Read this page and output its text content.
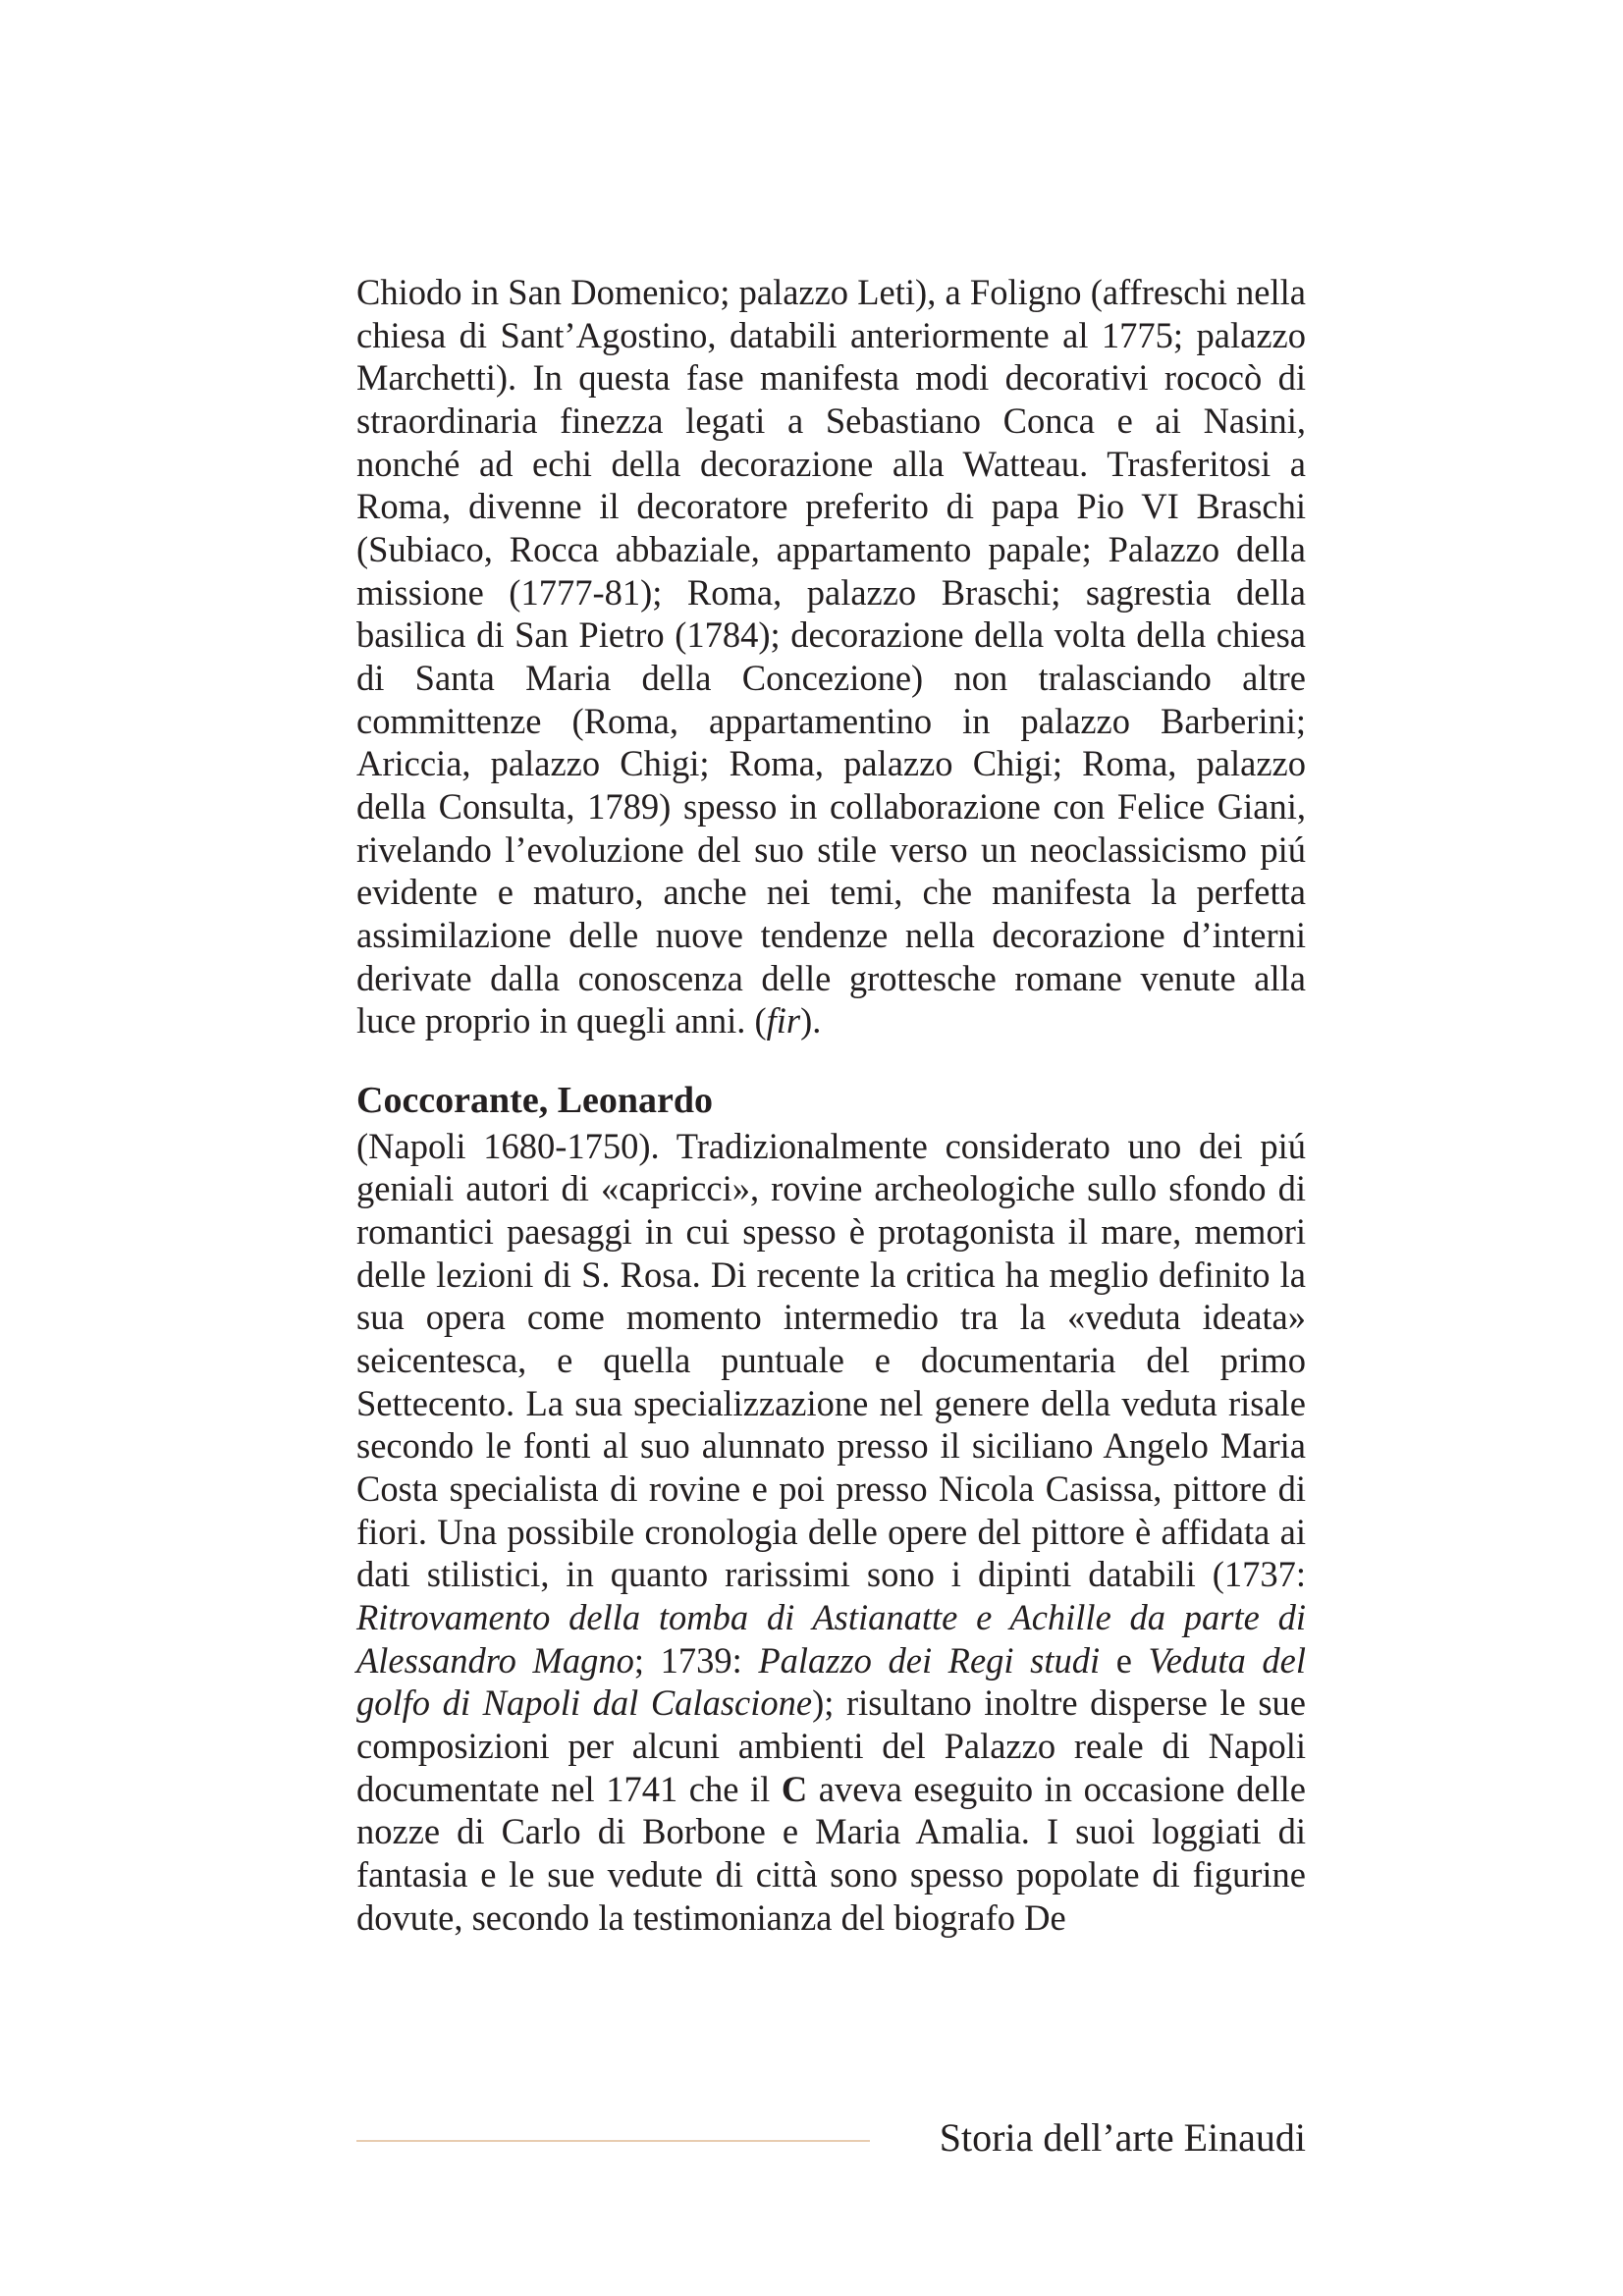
Chiodo in San Domenico; palazzo Leti), a Foligno (affreschi nella chiesa di Sant’Agostino, databili anteriormente al 1775; palazzo Marchetti). In questa fase manifesta modi decorativi rococò di straordinaria finezza legati a Sebastiano Conca e ai Nasini, nonché ad echi della decorazione alla Watteau. Trasferitosi a Roma, divenne il decoratore preferito di papa Pio VI Braschi (Subiaco, Rocca abbaziale, appartamento papale; Palazzo della missione (1777-81); Roma, palazzo Braschi; sagrestia della basilica di San Pietro (1784); decorazione della volta della chiesa di Santa Maria della Concezione) non tralasciando altre committenze (Roma, appartamentino in palazzo Barberini; Ariccia, palazzo Chigi; Roma, palazzo Chigi; Roma, palazzo della Consulta, 1789) spesso in collaborazione con Felice Giani, rivelando l’evoluzione del suo stile verso un neoclassicismo piú evidente e maturo, anche nei temi, che manifesta la perfetta assimilazione delle nuove tendenze nella decorazione d’interni derivate dalla conoscenza delle grottesche romane venute alla luce proprio in quegli anni. (fir).

Coccorante, Leonardo

(Napoli 1680-1750). Tradizionalmente considerato uno dei piú geniali autori di «capricci», rovine archeologiche sullo sfondo di romantici paesaggi in cui spesso è protagonista il mare, memori delle lezioni di S. Rosa. Di recente la critica ha meglio definito la sua opera come momento intermedio tra la «veduta ideata» seicentesca, e quella puntuale e documentaria del primo Settecento. La sua specializzazione nel genere della veduta risale secondo le fonti al suo alunnato presso il siciliano Angelo Maria Costa specialista di rovine e poi presso Nicola Casissa, pittore di fiori. Una possibile cronologia delle opere del pittore è affidata ai dati stilistici, in quanto rarissimi sono i dipinti databili (1737: Ritrovamento della tomba di Astianatte e Achille da parte di Alessandro Magno; 1739: Palazzo dei Regi studi e Veduta del golfo di Napoli dal Calascione); risultano inoltre disperse le sue composizioni per alcuni ambienti del Palazzo reale di Napoli documentate nel 1741 che il C aveva eseguito in occasione delle nozze di Carlo di Borbone e Maria Amalia. I suoi loggiati di fantasia e le sue vedute di città sono spesso popolate di figurine dovute, secondo la testimonianza del biografo De

Storia dell’arte Einaudi
